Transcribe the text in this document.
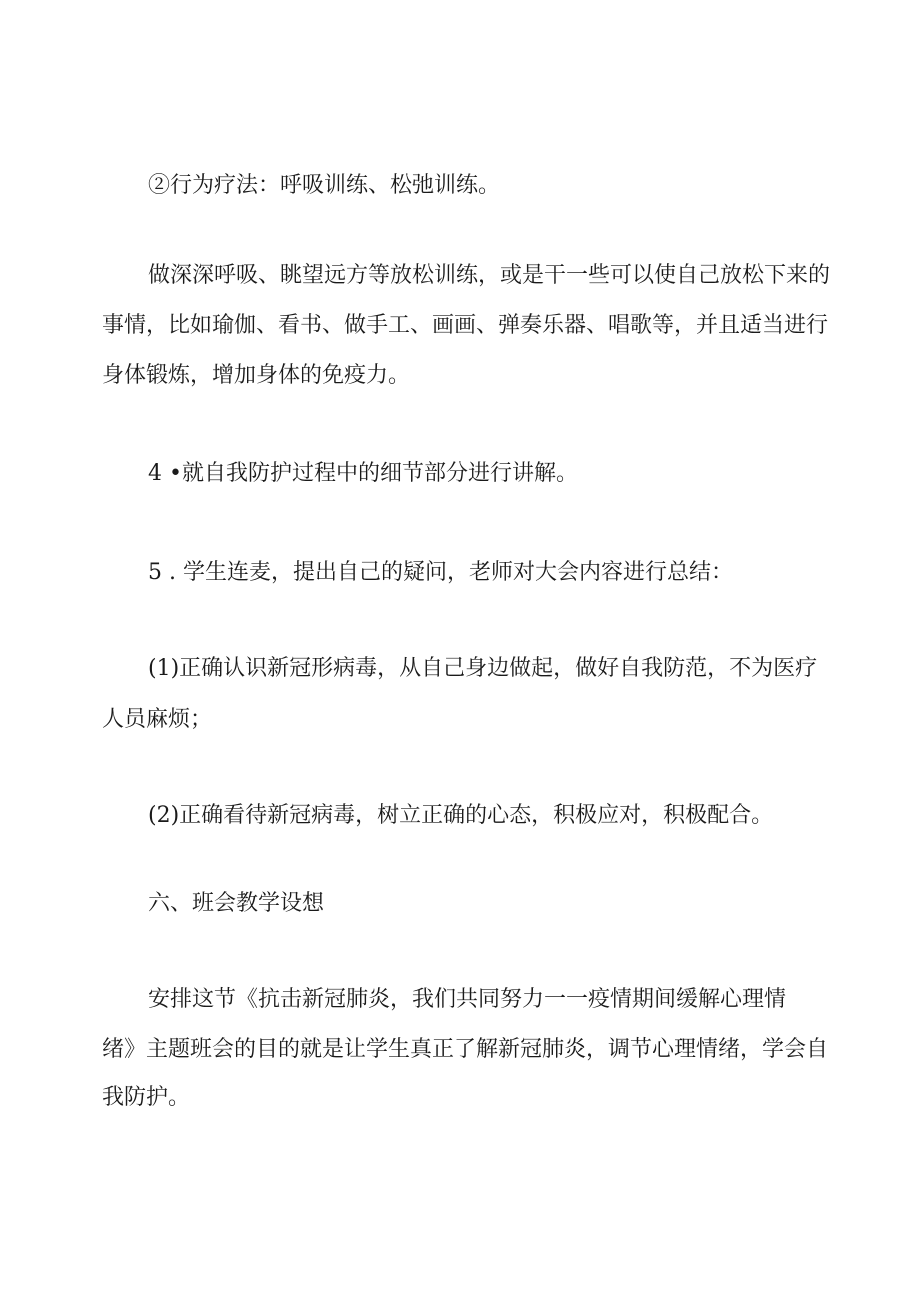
②行为疗法：呼吸训练、松弛训练。

做深深呼吸、眺望远方等放松训练，或是干一些可以使自己放松下来的

事情，比如瑜伽、看书、做手工、画画、弹奏乐器、唱歌等，并且适当进行

身体锻炼，增加身体的免疫力。

4 •就自我防护过程中的细节部分进行讲解。

5 . 学生连麦，提出自己的疑问，老师对大会内容进行总结：

(1)正确认识新冠形病毒，从自己身边做起，做好自我防范，不为医疗

人员麻烦；

(2)正确看待新冠病毒，树立正确的心态，积极应对，积极配合。

六、班会教学设想

安排这节《抗击新冠肺炎，我们共同努力一一疫情期间缓解心理情

绪》主题班会的目的就是让学生真正了解新冠肺炎，调节心理情绪，学会自

我防护。
